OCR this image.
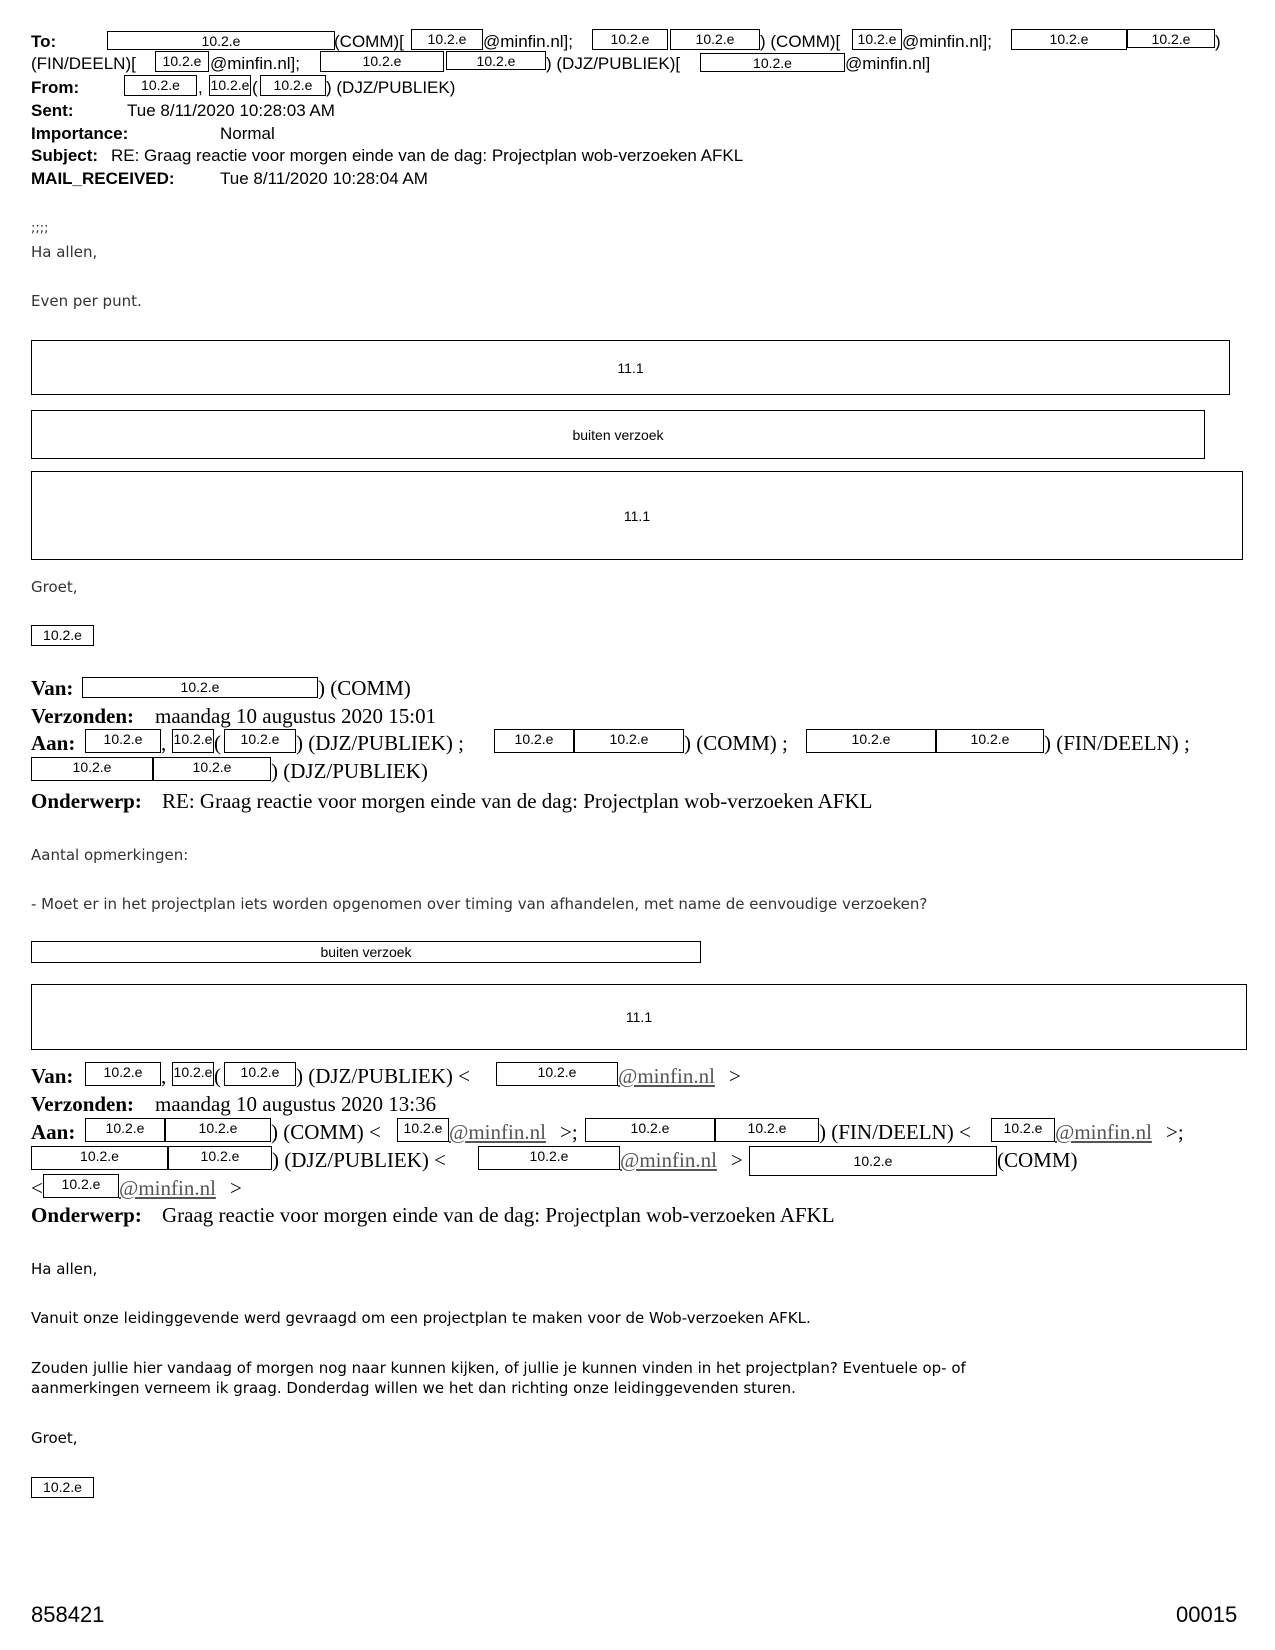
To:	10.2.e	(COMM)[	10.2.e @minfin.nl];	10.2.e	10.2.e	) (COMM)[	10.2.e @minfin.nl];	10.2.e	10.2.e	)
(FIN/DEELN)[	10.2.e @minfin.nl];	10.2.e	10.2.e	) (DJZ/PUBLIEK)[	10.2.e	@minfin.nl]
From:	10.2.e	, 10.2.e (	10.2.e ) (DJZ/PUBLIEK)
Sent:	Tue 8/11/2020 10:28:03 AM
Importance:	Normal
Subject: RE: Graag reactie voor morgen einde van de dag: Projectplan wob-verzoeken AFKL
MAIL_RECEIVED:	Tue 8/11/2020 10:28:04 AM
;;;;
Ha allen,
Even per punt.
11.1
buiten verzoek
11.1
Groet,
10.2.e
Van:	10.2.e	) (COMM)
Verzonden: maandag 10 augustus 2020 15:01
Aan:	10.2.e , 10.2.e (	10.2.e ) (DJZ/PUBLIEK) ;	10.2.e	10.2.e	) (COMM) ;	10.2.e	10.2.e	) (FIN/DEELN) ;
10.2.e	10.2.e	) (DJZ/PUBLIEK)
Onderwerp: RE: Graag reactie voor morgen einde van de dag: Projectplan wob-verzoeken AFKL
Aantal opmerkingen:
- Moet er in het projectplan iets worden opgenomen over timing van afhandelen, met name de eenvoudige verzoeken?
buiten verzoek
11.1
Van:	10.2.e , 10.2.e (	10.2.e ) (DJZ/PUBLIEK) <	10.2.e	@minfin.nl >
Verzonden: maandag 10 augustus 2020 13:36
Aan:	10.2.e	10.2.e	) (COMM) <	10.2.e @minfin.nl >;	10.2.e	10.2.e	) (FIN/DEELN) <	10.2.e @minfin.nl >;
10.2.e	10.2.e	) (DJZ/PUBLIEK) <	10.2.e	@minfin.nl >	10.2.e	(COMM)
<	10.2.e @minfin.nl >
Onderwerp: Graag reactie voor morgen einde van de dag: Projectplan wob-verzoeken AFKL
Ha allen,
Vanuit onze leidinggevende werd gevraagd om een projectplan te maken voor de Wob-verzoeken AFKL.
Zouden jullie hier vandaag of morgen nog naar kunnen kijken, of jullie je kunnen vinden in het projectplan? Eventuele op- of
aanmerkingen verneem ik graag. Donderdag willen we het dan richting onze leidinggevenden sturen.
Groet,
10.2.e
858421	00015
